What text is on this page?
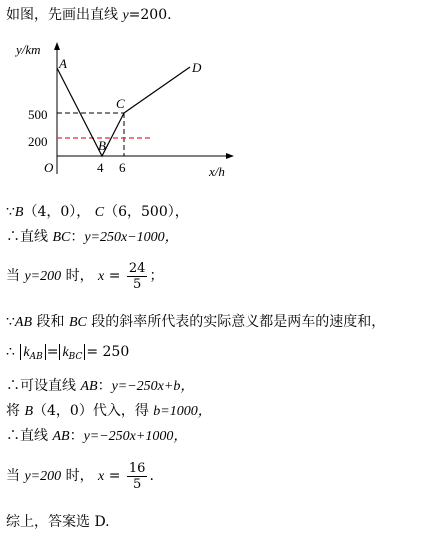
如图，先画出直线 y=200.
y/km
x/h
O
500
200
4 6
A
B
C
D
∵B（4，0）， C（6，500），
∴直线 BC：y=250x−1000，
当 y=200 时， $x = \frac{24}{5}$ ；
∵AB 段和 BC 段的斜率所代表的实际意义都是两车的速度和，
∴ $k_{AB} = k_{BC} = 250$
∴可设直线 AB：y=−250x+b，
将 B（4，0）代入，得 b=1000，
∴直线 AB：y=−250x+1000，
当 y=200 时， $x = \frac{16}{5}$ .
综上，答案选 D.
